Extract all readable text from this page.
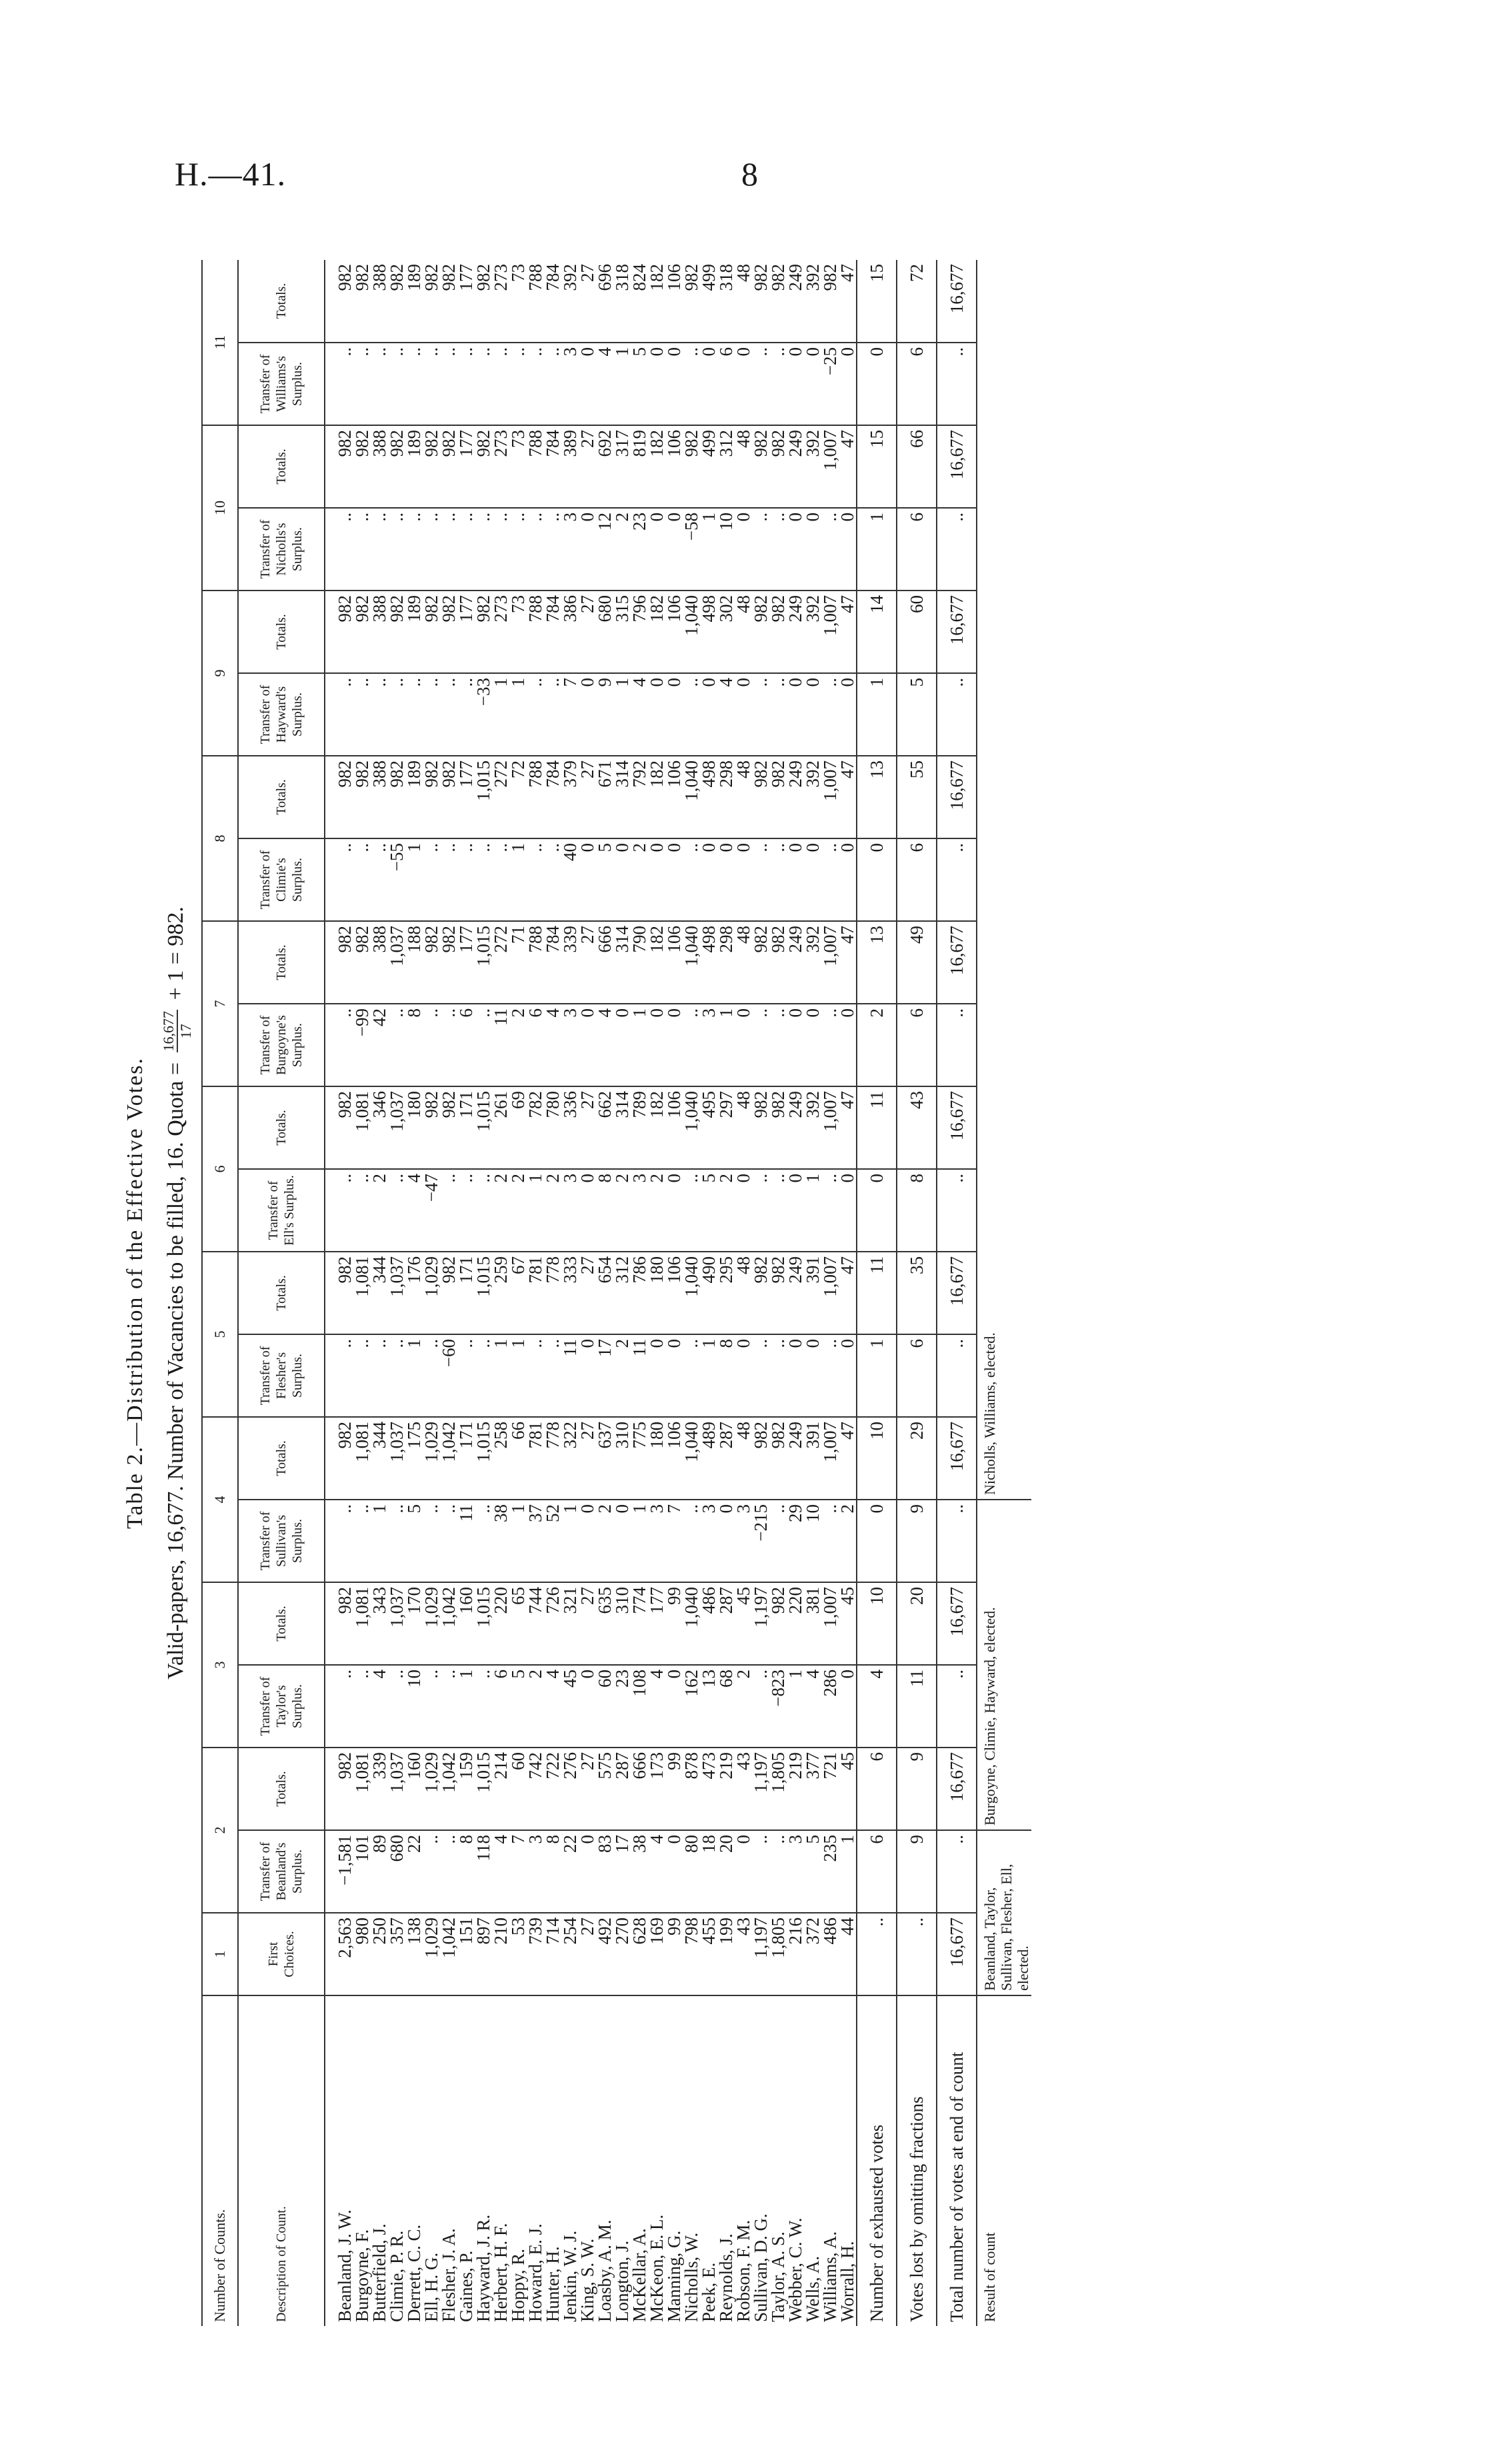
H.—41.	8
Table 2.—Distribution of the Effective Votes. Valid-papers, 16,677. Number of Vacancies to be filled, 16. Quota =
16,677 17
+ 1 = 982.
Number of Counts.	1	2		3		4		5		6		7		8		9		10		11	
Description of Count.	First Choices.	Transfer of Beanland's Surplus.	Totals.	Transfer of Taylor's Surplus.	Totals.	Transfer of Sullivan's Surplus.	Totals.	Transfer of Flesher's Surplus.	Totals.	Transfer of Ell's Surplus.	Totals.	Transfer of Burgoyne's Surplus.	Totals.	Transfer of Climie's Surplus.	Totals.	Transfer of Hayward's Surplus.	Totals.	Transfer of Nicholls's Surplus.	Totals.	Transfer of Williams's Surplus.	Totals.
Beanland, J. W.	2,563	−1,581	982	..	982	..	982	..	982	..	982	..	982	..	982	..	982	..	982	..	982
Burgoyne, F.	980	101	1,081	..	1,081	..	1,081	..	1,081	..	1,081	−99	982	..	982	..	982	..	982	..	982
Butterfield, J.	250	89	339	4	343	1	344	..	344	2	346	42	388	..	388	..	388	..	388	..	388
Climie, P. R.	357	680	1,037	..	1,037	..	1,037	..	1,037	..	1,037	..	1,037	−55	982	..	982	..	982	..	982
Derrett, C. C.	138	22	160	10	170	5	175	1	176	4	180	8	188	1	189	..	189	..	189	..	189
Ell, H. G.	1,029	..	1,029	..	1,029	..	1,029	..	1,029	−47	982	..	982	..	982	..	982	..	982	..	982
Flesher, J. A.	1,042	..	1,042	..	1,042	..	1,042	−60	982	..	982	..	982	..	982	..	982	..	982	..	982
Gaines, P.	151	8	159	1	160	11	171	..	171	..	171	6	177	..	177	..	177	..	177	..	177
Hayward, J. R.	897	118	1,015	..	1,015	..	1,015	..	1,015	..	1,015	..	1,015	..	1,015	−33	982	..	982	..	982
Herbert, H. F.	210	4	214	6	220	38	258	1	259	2	261	11	272	..	272	1	273	..	273	..	273
Hoppy, R.	53	7	60	5	65	1	66	1	67	2	69	2	71	1	72	1	73	..	73	..	73
Howard, E. J.	739	3	742	2	744	37	781	..	781	1	782	6	788	..	788	..	788	..	788	..	788
Hunter, H.	714	8	722	4	726	52	778	..	778	2	780	4	784	..	784	..	784	..	784	..	784
Jenkin, W. J.	254	22	276	45	321	1	322	11	333	3	336	3	339	40	379	7	386	3	389	3	392
King, S. W.	27	0	27	0	27	0	27	0	27	0	27	0	27	0	27	0	27	0	27	0	27
Loasby, A. M.	492	83	575	60	635	2	637	17	654	8	662	4	666	5	671	9	680	12	692	4	696
Longton, J.	270	17	287	23	310	0	310	2	312	2	314	0	314	0	314	1	315	2	317	1	318
McKellar, A.	628	38	666	108	774	1	775	11	786	3	789	1	790	2	792	4	796	23	819	5	824
McKeon, E. L.	169	4	173	4	177	3	180	0	180	2	182	0	182	0	182	0	182	0	182	0	182
Manning, G.	99	0	99	0	99	7	106	0	106	0	106	0	106	0	106	0	106	0	106	0	106
Nicholls, W.	798	80	878	162	1,040	..	1,040	..	1,040	..	1,040	..	1,040	..	1,040	..	1,040	−58	982	..	982
Peek, E.	455	18	473	13	486	3	489	1	490	5	495	3	498	0	498	0	498	1	499	0	499
Reynolds, J.	199	20	219	68	287	0	287	8	295	2	297	1	298	0	298	4	302	10	312	6	318
Robson, F. M.	43	0	43	2	45	3	48	0	48	0	48	0	48	0	48	0	48	0	48	0	48
Sullivan, D. G.	1,197	..	1,197	..	1,197	−215	982	..	982	..	982	..	982	..	982	..	982	..	982	..	982
Taylor, A. S.	1,805	..	1,805	−823	982	..	982	..	982	..	982	..	982	..	982	..	982	..	982	..	982
Webber, C. W.	216	3	219	1	220	29	249	0	249	0	249	0	249	0	249	0	249	0	249	0	249
Wells, A.	372	5	377	4	381	10	391	0	391	1	392	0	392	0	392	0	392	0	392	0	392
Williams, A.	486	235	721	286	1,007	..	1,007	..	1,007	..	1,007	..	1,007	..	1,007	..	1,007	..	1,007	−25	982
Worrall, H.	44	1	45	0	45	2	47	0	47	0	47	0	47	0	47	0	47	0	47	0	47
Number of exhausted votes	..	6	6	4	10	0	10	1	11	0	11	2	13	0	13	1	14	1	15	0	15
Votes lost by omitting fractions	..	9	9	11	20	9	29	6	35	8	43	6	49	6	55	5	60	6	66	6	72
Total number of votes at end of count	16,677	..	16,677	..	16,677	..	16,677	..	16,677	..	16,677	..	16,677	..	16,677	..	16,677	..	16,677	..	16,677
Result of count	Beanland, Taylor, Sullivan, Flesher, Ell, elected.		Burgoyne, Climie, Hayward, elected.				Nicholls, Williams, elected.														
